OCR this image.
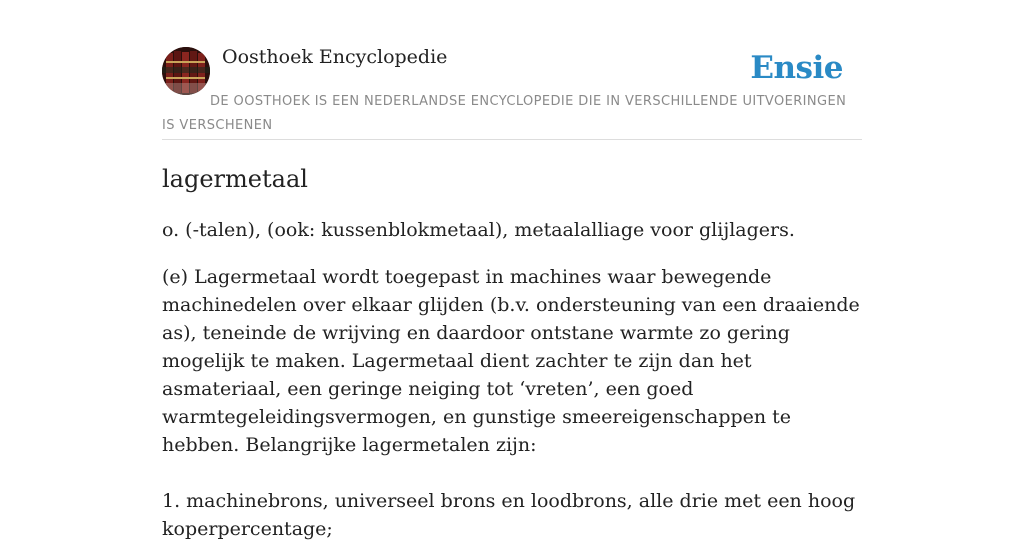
Oosthoek Encyclopedie	Ensie
DE OOSTHOEK IS EEN NEDERLANDSE ENCYCLOPEDIE DIE IN VERSCHILLENDE UITVOERINGEN IS VERSCHENEN
lagermetaal

o. (-talen), (ook: kussenblokmetaal), metaalalliage voor glijlagers.

(e) Lagermetaal wordt toegepast in machines waar bewegende machinedelen over elkaar glijden (b.v. ondersteuning van een draaiende as), teneinde de wrijving en daardoor ontstane warmte zo gering mogelijk te maken. Lagermetaal dient zachter te zijn dan het asmateriaal, een geringe neiging tot ‘vreten’, een goed warmtegeleidingsvermogen, en gunstige smeereigenschappen te hebben. Belangrijke lagermetalen zijn:

1. machinebrons, universeel brons en loodbrons, alle drie met een hoog koperpercentage;
